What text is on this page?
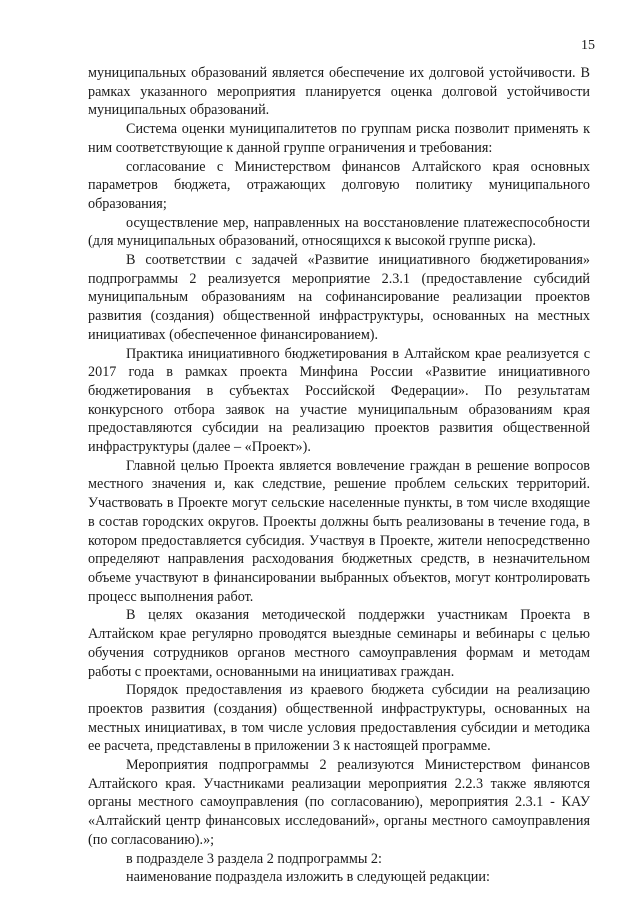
15

муниципальных образований является обеспечение их долговой устойчивости. В рамках указанного мероприятия планируется оценка долговой устойчивости муниципальных образований.

Система оценки муниципалитетов по группам риска позволит применять к ним соответствующие к данной группе ограничения и требования:

согласование с Министерством финансов Алтайского края основных параметров бюджета, отражающих долговую политику муниципального образования;

осуществление мер, направленных на восстановление платежеспособности (для муниципальных образований, относящихся к высокой группе риска).

В соответствии с задачей «Развитие инициативного бюджетирования» подпрограммы 2 реализуется мероприятие 2.3.1 (предоставление субсидий муниципальным образованиям на софинансирование реализации проектов развития (создания) общественной инфраструктуры, основанных на местных инициативах (обеспеченное финансированием).

Практика инициативного бюджетирования в Алтайском крае реализуется с 2017 года в рамках проекта Минфина России «Развитие инициативного бюджетирования в субъектах Российской Федерации». По результатам конкурсного отбора заявок на участие муниципальным образованиям края предоставляются субсидии на реализацию проектов развития общественной инфраструктуры (далее – «Проект»).

Главной целью Проекта является вовлечение граждан в решение вопросов местного значения и, как следствие, решение проблем сельских территорий. Участвовать в Проекте могут сельские населенные пункты, в том числе входящие в состав городских округов. Проекты должны быть реализованы в течение года, в котором предоставляется субсидия. Участвуя в Проекте, жители непосредственно определяют направления расходования бюджетных средств, в незначительном объеме участвуют в финансировании выбранных объектов, могут контролировать процесс выполнения работ.

В целях оказания методической поддержки участникам Проекта в Алтайском крае регулярно проводятся выездные семинары и вебинары с целью обучения сотрудников органов местного самоуправления формам и методам работы с проектами, основанными на инициативах граждан.

Порядок предоставления из краевого бюджета субсидии на реализацию проектов развития (создания) общественной инфраструктуры, основанных на местных инициативах, в том числе условия предоставления субсидии и методика ее расчета, представлены в приложении 3 к настоящей программе.

Мероприятия подпрограммы 2 реализуются Министерством финансов Алтайского края. Участниками реализации мероприятия 2.2.3 также являются органы местного самоуправления (по согласованию), мероприятия 2.3.1 - КАУ «Алтайский центр финансовых исследований», органы местного самоуправления (по согласованию).»;

в подразделе 3 раздела 2 подпрограммы 2:

наименование подраздела изложить в следующей редакции:
